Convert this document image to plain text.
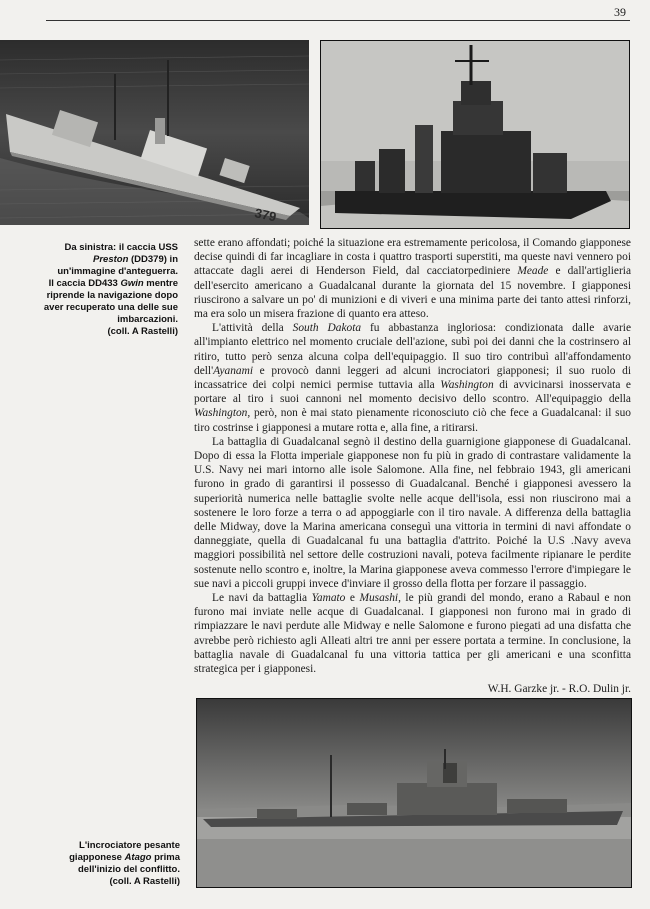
39
379
Da sinistra: il caccia USS
Preston (DD379) in
un'immagine d'anteguerra.
Il caccia DD433 Gwin mentre
riprende la navigazione dopo
aver recuperato una delle sue
imbarcazioni.
(coll. A Rastelli)

sette erano affondati; poiché la situazione era estremamente pericolosa, il Comando giapponese decise quindi di far incagliare in costa i quattro trasporti superstiti, ma queste navi vennero poi attaccate dagli aerei di Henderson Field, dal cacciatorpediniere Meade e dall'artiglieria dell'esercito americano a Guadalcanal durante la giornata del 15 novembre. I giapponesi riuscirono a salvare un po' di munizioni e di viveri e una minima parte dei tanto attesi rinforzi, ma era solo un misera frazione di quanto era atteso.

L'attività della South Dakota fu abbastanza ingloriosa: condizionata dalle avarie all'impianto elettrico nel momento cruciale dell'azione, subì poi dei danni che la costrinsero al ritiro, tutto però senza alcuna colpa dell'equipaggio. Il suo tiro contribuì all'affondamento dell'Ayanami e provocò danni leggeri ad alcuni incrociatori giapponesi; il suo ruolo di incassatrice dei colpi nemici permise tuttavia alla Washington di avvicinarsi inosservata e portare al tiro i suoi cannoni nel momento decisivo dello scontro. All'equipaggio della Washington, però, non è mai stato pienamente riconosciuto ciò che fece a Guadalcanal: il suo tiro costrinse i giapponesi a mutare rotta e, alla fine, a ritirarsi.

La battaglia di Guadalcanal segnò il destino della guarnigione giapponese di Guadalcanal. Dopo di essa la Flotta imperiale giapponese non fu più in grado di contrastare validamente la U.S. Navy nei mari intorno alle isole Salomone. Alla fine, nel febbraio 1943, gli americani furono in grado di garantirsi il possesso di Guadalcanal. Benché i giapponesi avessero la superiorità numerica nelle battaglie svolte nelle acque dell'isola, essi non riuscirono mai a sostenere le loro forze a terra o ad appoggiarle con il tiro navale. A differenza della battaglia delle Midway, dove la Marina americana conseguì una vittoria in termini di navi affondate o danneggiate, quella di Guadalcanal fu una battaglia d'attrito. Poiché la U.S .Navy aveva maggiori possibilità nel settore delle costruzioni navali, poteva facilmente ripianare le perdite sostenute nello scontro e, inoltre, la Marina giapponese aveva commesso l'errore d'impiegare le sue navi a piccoli gruppi invece d'inviare il grosso della flotta per forzare il passaggio.

Le navi da battaglia Yamato e Musashi, le più grandi del mondo, erano a Rabaul e non furono mai inviate nelle acque di Guadalcanal. I giapponesi non furono mai in grado di rimpiazzare le navi perdute alle Midway e nelle Salomone e furono piegati ad una disfatta che avrebbe però richiesto agli Alleati altri tre anni per essere portata a termine. In conclusione, la battaglia navale di Guadalcanal fu una vittoria tattica per gli americani e una sconfitta strategica per i giapponesi.

W.H. Garzke jr. - R.O. Dulin jr.

L'incrociatore pesante
giapponese Atago prima
dell'inizio del conflitto.
(coll. A Rastelli)
